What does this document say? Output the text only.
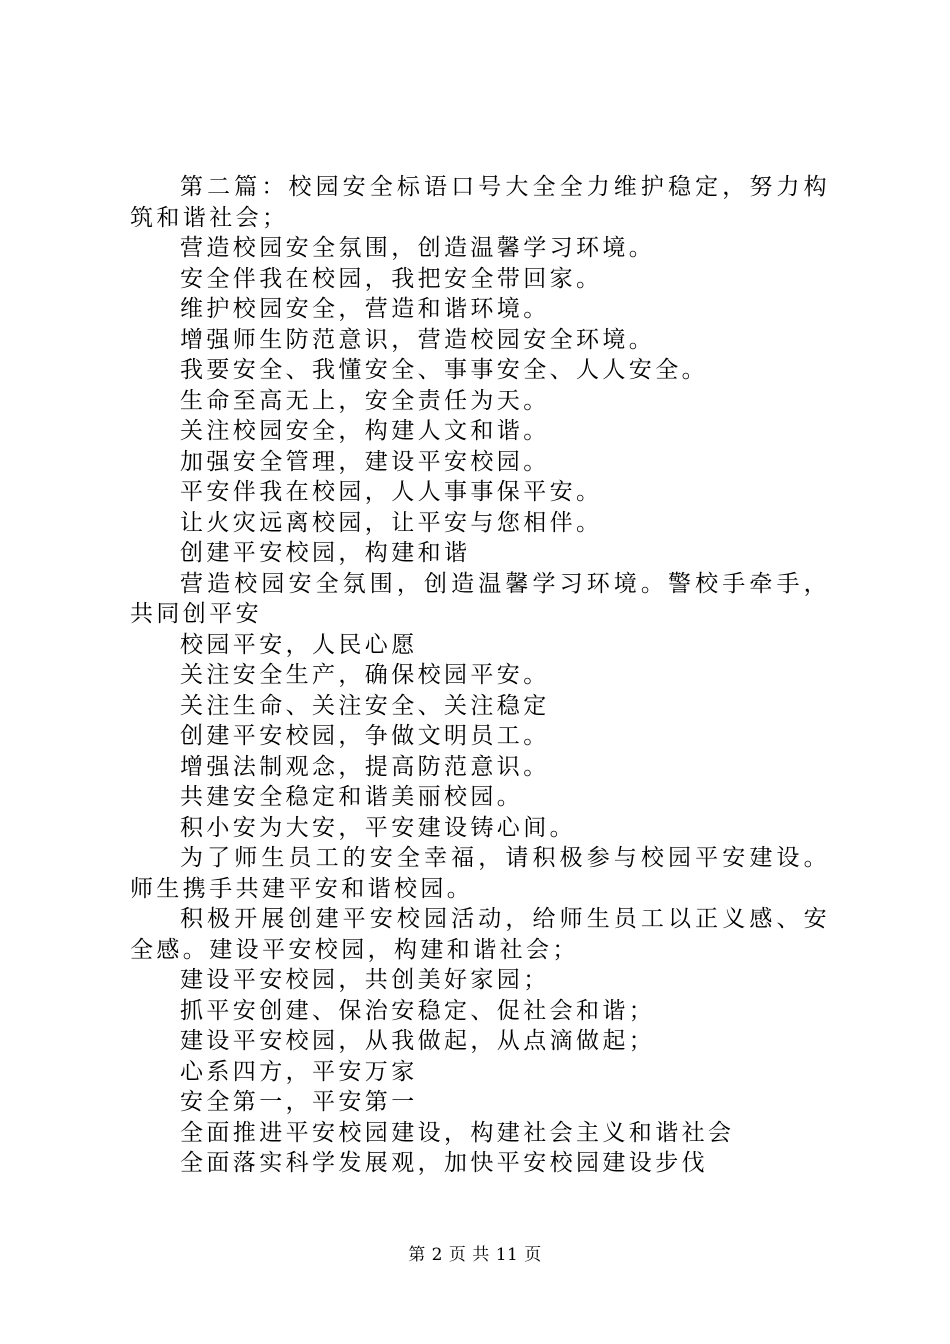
第二篇：校园安全标语口号大全全力维护稳定，努力构筑和谐社会；

营造校园安全氛围，创造温馨学习环境。

安全伴我在校园，我把安全带回家。

维护校园安全，营造和谐环境。

增强师生防范意识，营造校园安全环境。

我要安全、我懂安全、事事安全、人人安全。

生命至高无上，安全责任为天。

关注校园安全，构建人文和谐。

加强安全管理，建设平安校园。

平安伴我在校园，人人事事保平安。

让火灾远离校园，让平安与您相伴。

创建平安校园，构建和谐

营造校园安全氛围，创造温馨学习环境。警校手牵手，共同创平安

校园平安，人民心愿

关注安全生产，确保校园平安。

关注生命、关注安全、关注稳定

创建平安校园，争做文明员工。

增强法制观念，提高防范意识。

共建安全稳定和谐美丽校园。

积小安为大安，平安建设铸心间。

为了师生员工的安全幸福，请积极参与校园平安建设。师生携手共建平安和谐校园。

积极开展创建平安校园活动，给师生员工以正义感、安全感。建设平安校园，构建和谐社会；

建设平安校园，共创美好家园；

抓平安创建、保治安稳定、促社会和谐；

建设平安校园，从我做起，从点滴做起；

心系四方，平安万家

安全第一，平安第一

全面推进平安校园建设，构建社会主义和谐社会

全面落实科学发展观，加快平安校园建设步伐

第 2 页 共 11 页
